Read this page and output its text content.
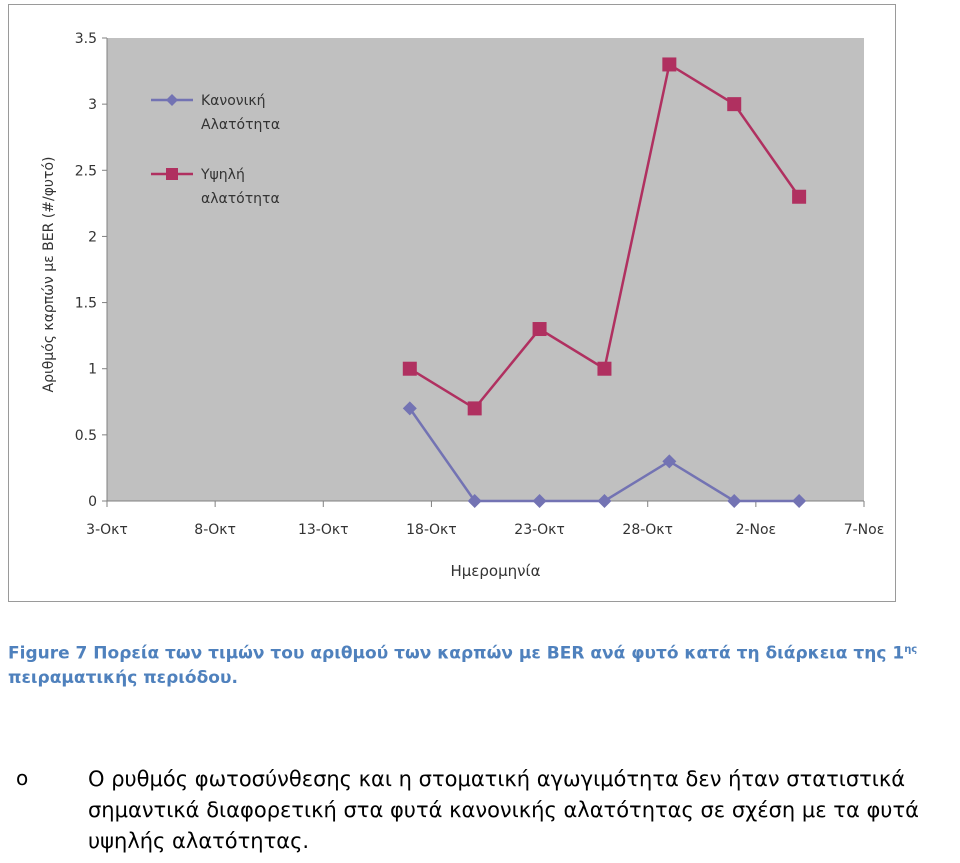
0
0.5
1
1.5
2
2.5
3
3.5
3-Οκτ	8-Οκτ	13-Οκτ	18-Οκτ	23-Οκτ	28-Οκτ	2-Νοε	7-Νοε
Ημερομηνία
Αριθμός καρπών με BER (#/φυτό)
Κανονική
Αλατότητα
Υψηλή
αλατότητα
Figure 7 Πορεία των τιμών του αριθμού των καρπών με BER ανά φυτό κατά τη διάρκεια της $1^{\eta\varsigma}$ πειραματικής περιόδου.
o	Ο ρυθμός φωτοσύνθεσης και η στοματική αγωγιμότητα δεν ήταν στατιστικά σημαντικά διαφορετική στα φυτά κανονικής αλατότητας σε σχέση με τα φυτά υψηλής αλατότητας.
